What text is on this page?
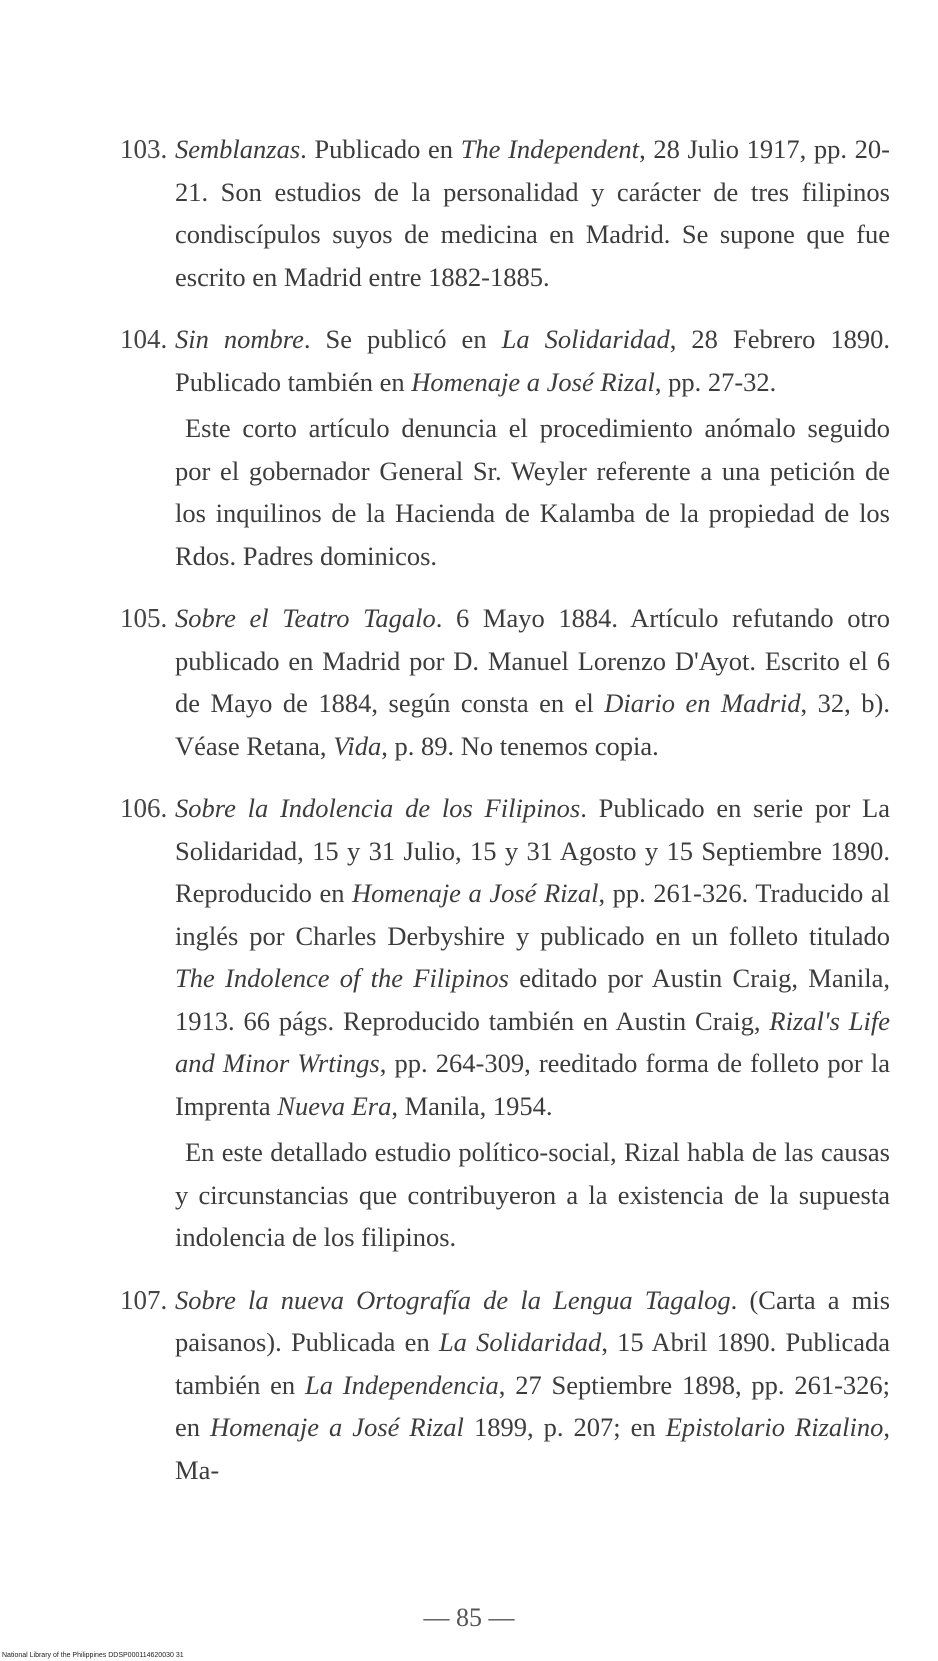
103. Semblanzas. Publicado en The Independent, 28 Julio 1917, pp. 20-21. Son estudios de la personalidad y carácter de tres filipinos condiscípulos suyos de medicina en Madrid. Se supone que fue escrito en Madrid entre 1882-1885.

104. Sin nombre. Se publicó en La Solidaridad, 28 Febrero 1890. Publicado también en Homenaje a José Rizal, pp. 27-32.

Este corto artículo denuncia el procedimiento anómalo seguido por el gobernador General Sr. Weyler referente a una petición de los inquilinos de la Hacienda de Kalamba de la propiedad de los Rdos. Padres dominicos.

105. Sobre el Teatro Tagalo. 6 Mayo 1884. Artículo refutando otro publicado en Madrid por D. Manuel Lorenzo D'Ayot. Escrito el 6 de Mayo de 1884, según consta en el Diario en Madrid, 32, b). Véase Retana, Vida, p. 89. No tenemos copia.

106. Sobre la Indolencia de los Filipinos. Publicado en serie por La Solidaridad, 15 y 31 Julio, 15 y 31 Agosto y 15 Septiembre 1890. Reproducido en Homenaje a José Rizal, pp. 261-326. Traducido al inglés por Charles Derbyshire y publicado en un folleto titulado The Indolence of the Filipinos editado por Austin Craig, Manila, 1913. 66 págs. Reproducido también en Austin Craig, Rizal's Life and Minor Wrtings, pp. 264-309, reeditado forma de folleto por la Imprenta Nueva Era, Manila, 1954.

En este detallado estudio político-social, Rizal habla de las causas y circunstancias que contribuyeron a la existencia de la supuesta indolencia de los filipinos.

107. Sobre la nueva Ortografía de la Lengua Tagalog. (Carta a mis paisanos). Publicada en La Solidaridad, 15 Abril 1890. Publicada también en La Independencia, 27 Septiembre 1898, pp. 261-326; en Homenaje a José Rizal 1899, p. 207; en Epistolario Rizalino, Ma-

— 85 —
National Library of the Philippines DDSP000114620030 31
